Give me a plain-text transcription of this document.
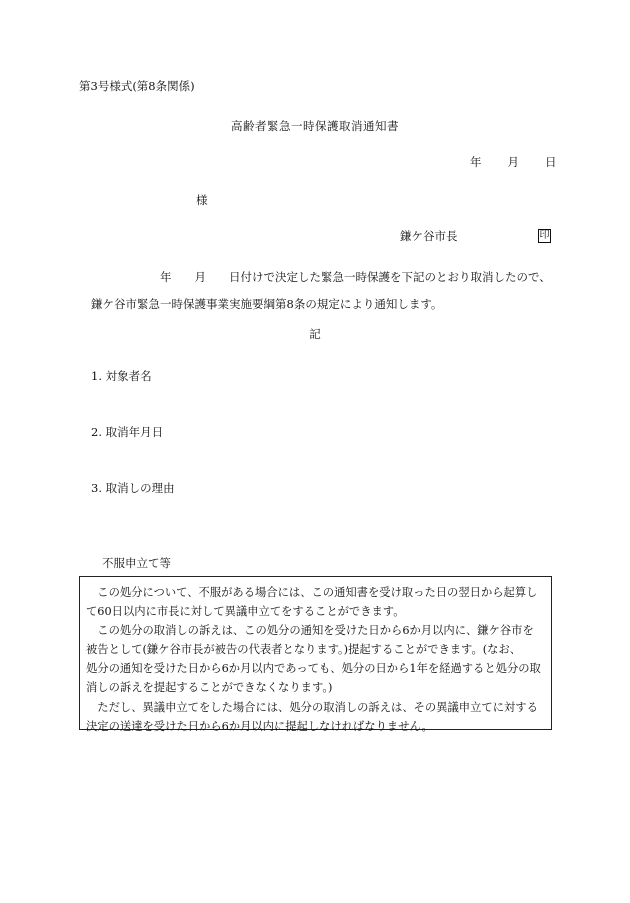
第3号様式(第8条関係)
高齢者緊急一時保護取消通知書
年 月 日
様
鎌ケ谷市長	印
年　　月　　日付けで決定した緊急一時保護を下記のとおり取消したので、
鎌ケ谷市緊急一時保護事業実施要綱第8条の規定により通知します。
記
1. 対象者名
2. 取消年月日
3. 取消しの理由
不服申立て等

　この処分について、不服がある場合には、この通知書を受け取った日の翌日から起算し

て60日以内に市長に対して異議申立てをすることができます。

　この処分の取消しの訴えは、この処分の通知を受けた日から6か月以内に、鎌ケ谷市を

被告として(鎌ケ谷市長が被告の代表者となります。)提起することができます。(なお、

処分の通知を受けた日から6か月以内であっても、処分の日から1年を経過すると処分の取

消しの訴えを提起することができなくなります。)

　ただし、異議申立てをした場合には、処分の取消しの訴えは、その異議申立てに対する

決定の送達を受けた日から6か月以内に提起しなければなりません。
